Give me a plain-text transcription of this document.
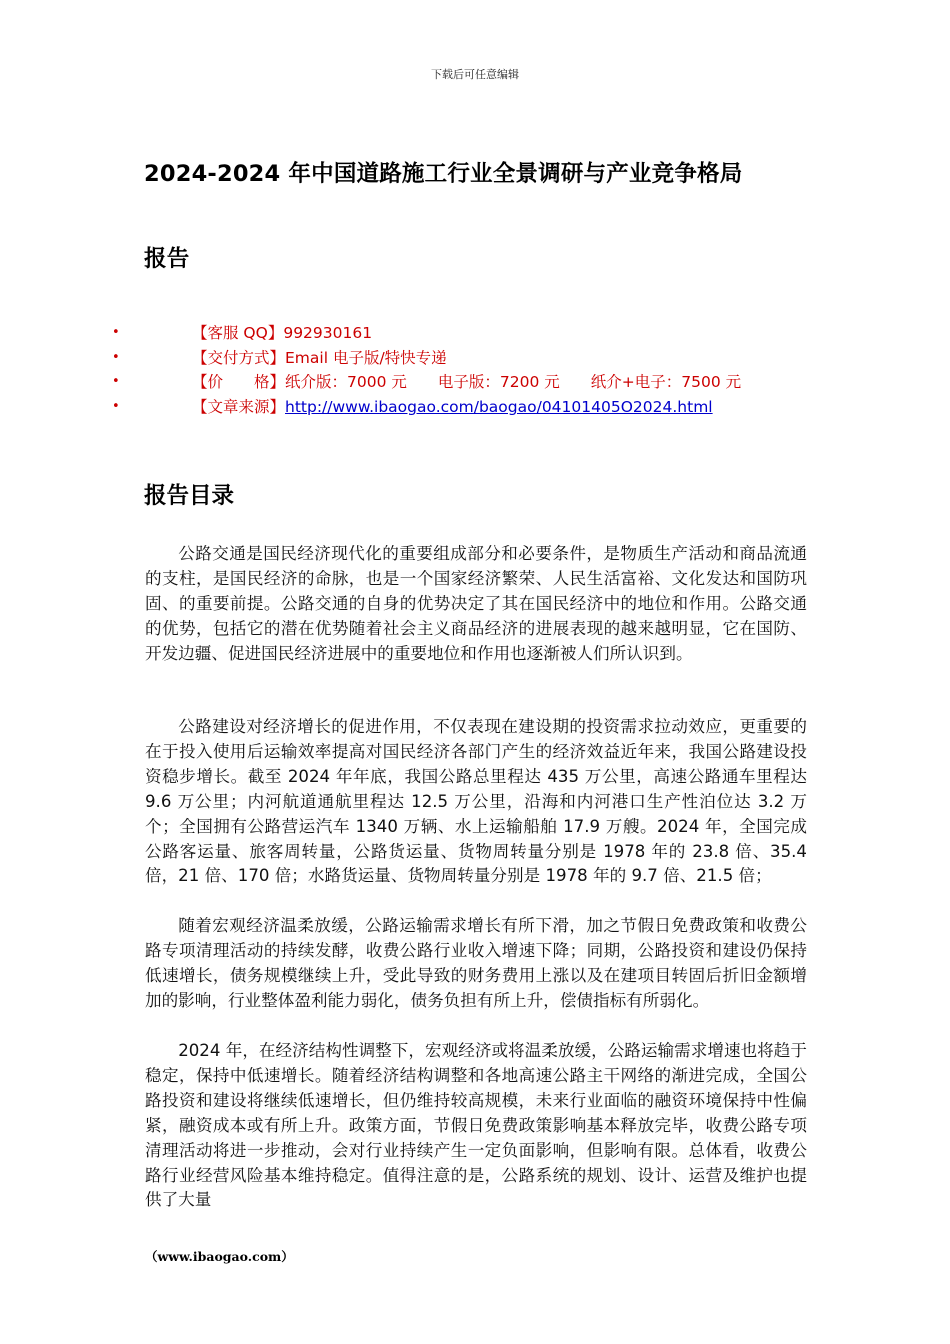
下载后可任意编辑
2024-2024 年中国道路施工行业全景调研与产业竞争格局
报告
•	【客服 QQ】992930161
•	【交付方式】Email 电子版/特快专递
•	【价　　格】纸介版：7000 元　　电子版：7200 元　　纸介+电子：7500 元
•	【文章来源】http://www.ibaogao.com/baogao/04101405O2024.html
报告目录

公路交通是国民经济现代化的重要组成部分和必要条件，是物质生产活动和商品流通的支柱，是国民经济的命脉，也是一个国家经济繁荣、人民生活富裕、文化发达和国防巩固、的重要前提。公路交通的自身的优势决定了其在国民经济中的地位和作用。公路交通的优势，包括它的潜在优势随着社会主义商品经济的进展表现的越来越明显，它在国防、开发边疆、促进国民经济进展中的重要地位和作用也逐渐被人们所认识到。

公路建设对经济增长的促进作用，不仅表现在建设期的投资需求拉动效应，更重要的在于投入使用后运输效率提高对国民经济各部门产生的经济效益近年来，我国公路建设投资稳步增长。截至 2024 年年底，我国公路总里程达 435 万公里，高速公路通车里程达 9.6 万公里；内河航道通航里程达 12.5 万公里，沿海和内河港口生产性泊位达 3.2 万个；全国拥有公路营运汽车 1340 万辆、水上运输船舶 17.9 万艘。2024 年，全国完成公路客运量、旅客周转量，公路货运量、货物周转量分别是 1978 年的 23.8 倍、35.4 倍，21 倍、170 倍；水路货运量、货物周转量分别是 1978 年的 9.7 倍、21.5 倍；

随着宏观经济温柔放缓，公路运输需求增长有所下滑，加之节假日免费政策和收费公路专项清理活动的持续发酵，收费公路行业收入增速下降；同期，公路投资和建设仍保持低速增长，债务规模继续上升，受此导致的财务费用上涨以及在建项目转固后折旧金额增加的影响，行业整体盈利能力弱化，债务负担有所上升，偿债指标有所弱化。

2024 年，在经济结构性调整下，宏观经济或将温柔放缓，公路运输需求增速也将趋于稳定，保持中低速增长。随着经济结构调整和各地高速公路主干网络的渐进完成，全国公路投资和建设将继续低速增长，但仍维持较高规模，未来行业面临的融资环境保持中性偏紧，融资成本或有所上升。政策方面，节假日免费政策影响基本释放完毕，收费公路专项清理活动将进一步推动，会对行业持续产生一定负面影响，但影响有限。总体看，收费公路行业经营风险基本维持稳定。值得注意的是，公路系统的规划、设计、运营及维护也提供了大量

（www.ibaogao.com）
